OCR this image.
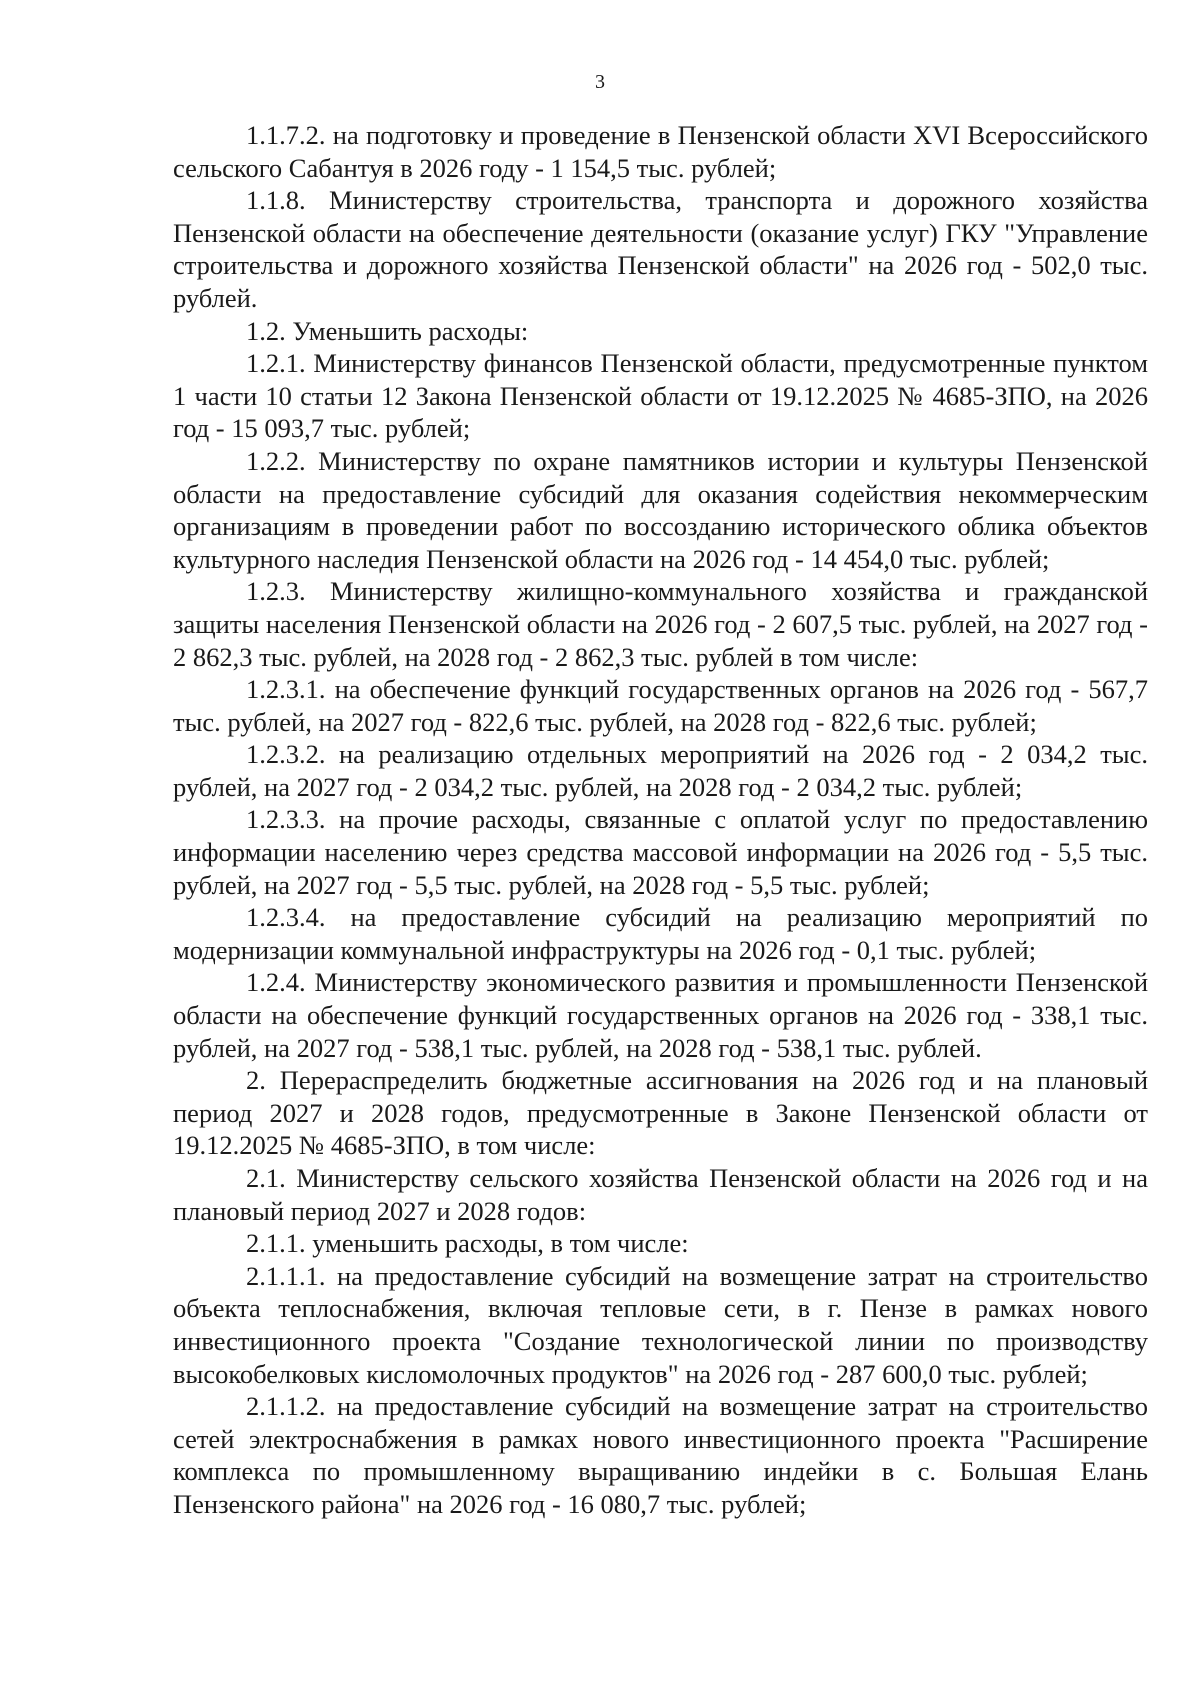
3

1.1.7.2. на подготовку и проведение в Пензенской области XVI Всероссийского сельского Сабантуя в 2026 году - 1 154,5 тыс. рублей;

1.1.8. Министерству строительства, транспорта и дорожного хозяйства Пензенской области на обеспечение деятельности (оказание услуг) ГКУ "Управление строительства и дорожного хозяйства Пензенской области" на 2026 год - 502,0 тыс. рублей.

1.2. Уменьшить расходы:

1.2.1. Министерству финансов Пензенской области, предусмотренные пунктом 1 части 10 статьи 12 Закона Пензенской области от 19.12.2025 № 4685-ЗПО, на 2026 год - 15 093,7 тыс. рублей;

1.2.2. Министерству по охране памятников истории и культуры Пензенской области на предоставление субсидий для оказания содействия некоммерческим организациям в проведении работ по воссозданию исторического облика объектов культурного наследия Пензенской области на 2026 год - 14 454,0 тыс. рублей;

1.2.3. Министерству жилищно-коммунального хозяйства и гражданской защиты населения Пензенской области на 2026 год - 2 607,5 тыс. рублей, на 2027 год - 2 862,3 тыс. рублей, на 2028 год - 2 862,3 тыс. рублей в том числе:

1.2.3.1. на обеспечение функций государственных органов на 2026 год - 567,7 тыс. рублей, на 2027 год - 822,6 тыс. рублей, на 2028 год - 822,6 тыс. рублей;

1.2.3.2. на реализацию отдельных мероприятий на 2026 год - 2 034,2 тыс. рублей, на 2027 год - 2 034,2 тыс. рублей, на 2028 год - 2 034,2 тыс. рублей;

1.2.3.3. на прочие расходы, связанные с оплатой услуг по предоставлению информации населению через средства массовой информации на 2026 год - 5,5 тыс. рублей, на 2027 год - 5,5 тыс. рублей, на 2028 год - 5,5 тыс. рублей;

1.2.3.4. на предоставление субсидий на реализацию мероприятий по модернизации коммунальной инфраструктуры на 2026 год - 0,1 тыс. рублей;

1.2.4. Министерству экономического развития и промышленности Пензенской области на обеспечение функций государственных органов на 2026 год - 338,1 тыс. рублей, на 2027 год - 538,1 тыс. рублей, на 2028 год - 538,1 тыс. рублей.

2. Перераспределить бюджетные ассигнования на 2026 год и на плановый период 2027 и 2028 годов, предусмотренные в Законе Пензенской области от 19.12.2025 № 4685-ЗПО, в том числе:

2.1. Министерству сельского хозяйства Пензенской области на 2026 год и на плановый период 2027 и 2028 годов:

2.1.1. уменьшить расходы, в том числе:

2.1.1.1. на предоставление субсидий на возмещение затрат на строительство объекта теплоснабжения, включая тепловые сети, в г. Пензе в рамках нового инвестиционного проекта "Создание технологической линии по производству высокобелковых кисломолочных продуктов" на 2026 год - 287 600,0 тыс. рублей;

2.1.1.2. на предоставление субсидий на возмещение затрат на строительство сетей электроснабжения в рамках нового инвестиционного проекта "Расширение комплекса по промышленному выращиванию индейки в с. Большая Елань Пензенского района" на 2026 год - 16 080,7 тыс. рублей;
